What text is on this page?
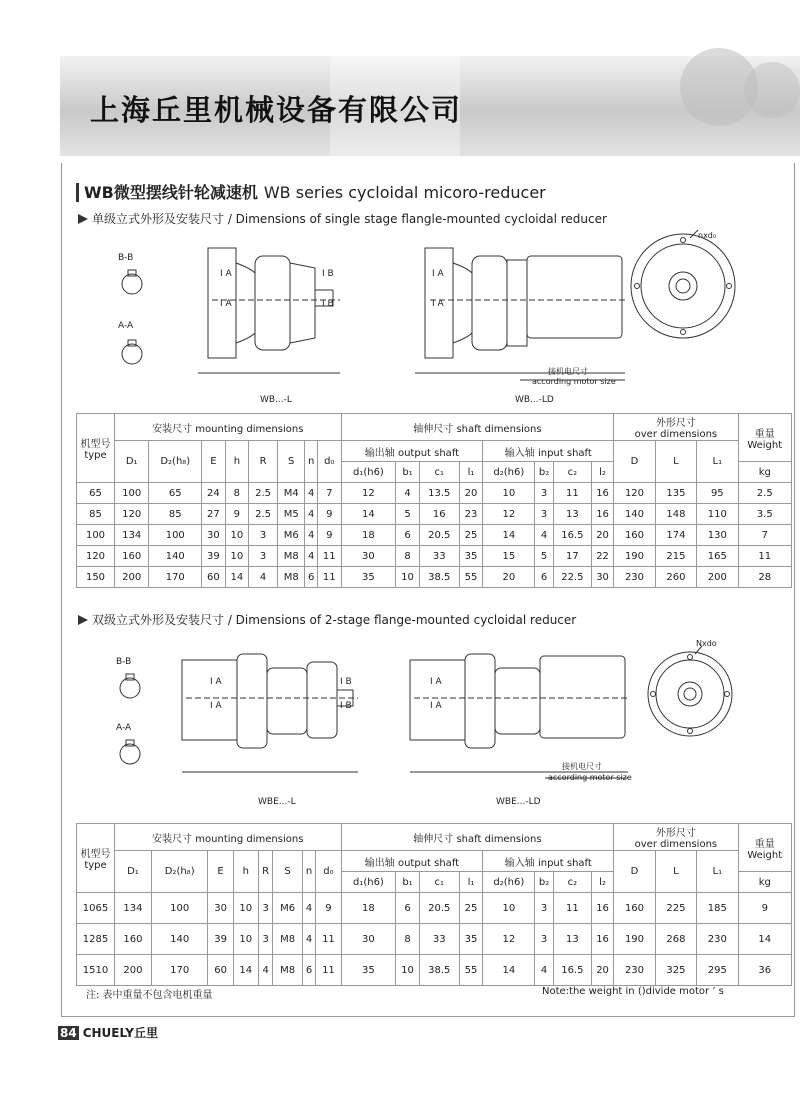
上海丘里机械设备有限公司
WB微型摆线针轮减速机 WB series cycloidal micoro-reducer
单级立式外形及安装尺寸 / Dimensions of single stage flangle-mounted cycloidal reducer
B-B
A-A
I A
I A
I B
I B
WB...-L
I A
I A
接机电尺寸
according motor size
WB...-LD
nxd₀
机型号
type	安装尺寸 mounting dimensions								轴伸尺寸 shaft dimensions								外形尺寸
over dimensions			重量
Weight
	D₁	D₂(h₈)	E	h	R	S	n	d₀	输出轴 output shaft				输入轴 input shaft				D	L	L₁	
									d₁(h6)	b₁	c₁	l₁	d₂(h6)	b₂	c₂	l₂				kg
65	100	65	24	8	2.5	M4	4	7	12	4	13.5	20	10	3	11	16	120	135	95	2.5
85	120	85	27	9	2.5	M5	4	9	14	5	16	23	12	3	13	16	140	148	110	3.5
100	134	100	30	10	3	M6	4	9	18	6	20.5	25	14	4	16.5	20	160	174	130	7
120	160	140	39	10	3	M8	4	11	30	8	33	35	15	5	17	22	190	215	165	11
150	200	170	60	14	4	M8	6	11	35	10	38.5	55	20	6	22.5	30	230	260	200	28
双级立式外形及安装尺寸 / Dimensions of 2-stage flange-mounted cycloidal reducer
B-B
A-A
I A
I A
I B
I B
WBE...-L
I A
I A
接机电尺寸
according motor size
WBE...-LD
Nxdo
机型号
type	安装尺寸 mounting dimensions								轴伸尺寸 shaft dimensions								外形尺寸
over dimensions			重量
Weight
	D₁	D₂(h₈)	E	h	R	S	n	d₀	输出轴 output shaft				输入轴 input shaft				D	L	L₁	
									d₁(h6)	b₁	c₁	l₁	d₂(h6)	b₂	c₂	l₂				kg
1065	134	100	30	10	3	M6	4	9	18	6	20.5	25	10	3	11	16	160	225	185	9
1285	160	140	39	10	3	M8	4	11	30	8	33	35	12	3	13	16	190	268	230	14
1510	200	170	60	14	4	M8	6	11	35	10	38.5	55	14	4	16.5	20	230	325	295	36
注: 表中重量不包含电机重量	Note:the weight in ()divide motor ’ s
84 CHUELY丘里
